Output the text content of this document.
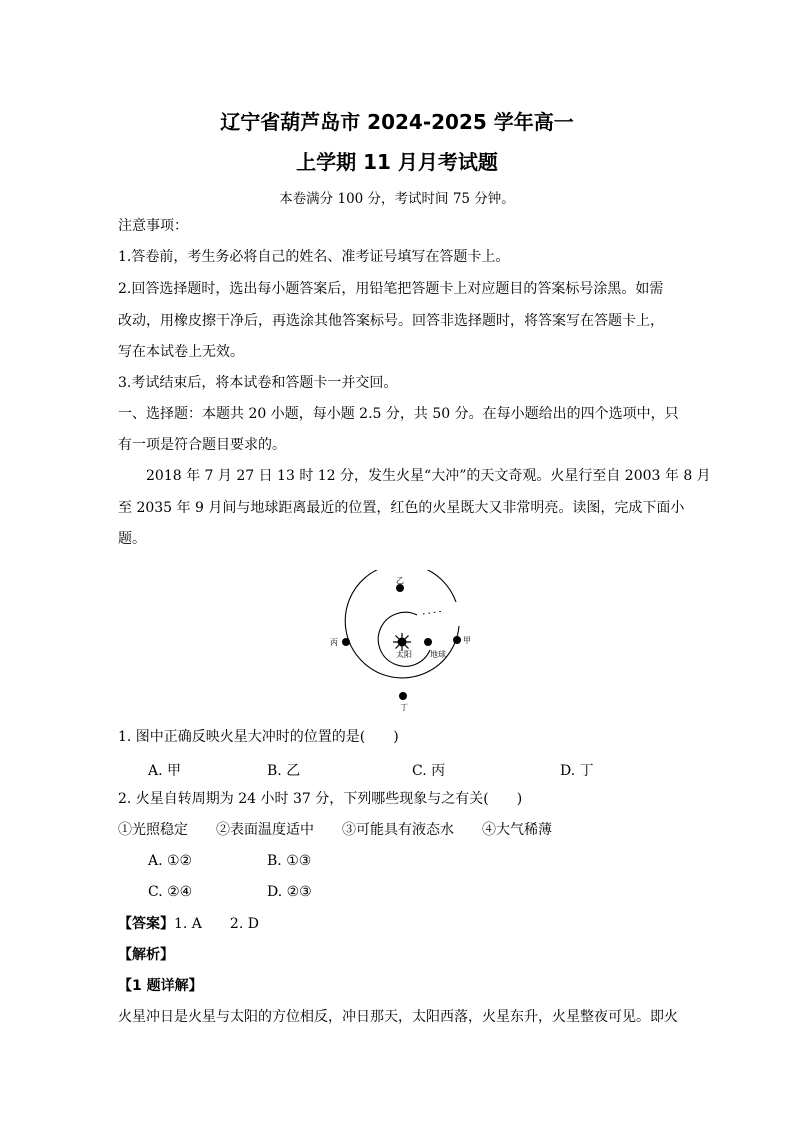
辽宁省葫芦岛市 2024-2025 学年高一
上学期 11 月月考试题
本卷满分 100 分，考试时间 75 分钟。
注意事项：
1.答卷前，考生务必将自己的姓名、准考证号填写在答题卡上。
2.回答选择题时，选出每小题答案后，用铅笔把答题卡上对应题目的答案标号涂黑。如需
改动，用橡皮擦干净后，再选涂其他答案标号。回答非选择题时，将答案写在答题卡上，
写在本试卷上无效。
3.考试结束后，将本试卷和答题卡一并交回。
一、选择题：本题共 20 小题，每小题 2.5 分，共 50 分。在每小题给出的四个选项中，只
有一项是符合题目要求的。
2018 年 7 月 27 日 13 时 12 分，发生火星“大冲”的天文奇观。火星行至自 2003 年 8 月
至 2035 年 9 月间与地球距离最近的位置，红色的火星既大又非常明亮。读图，完成下面小
题。
太阳 地球
乙
甲
丙
丁
1. 图中正确反映火星大冲时的位置的是(　　)
A. 甲	B. 乙	C. 丙	D. 丁
2. 火星自转周期为 24 小时 37 分，下列哪些现象与之有关(　　)
①光照稳定　　②表面温度适中　　③可能具有液态水　　④大气稀薄
A. ①②	B. ①③
C. ②④	D. ②③
【答案】1. A　　2. D
【解析】
【1 题详解】
火星冲日是火星与太阳的方位相反，冲日那天，太阳西落，火星东升，火星整夜可见。即火
